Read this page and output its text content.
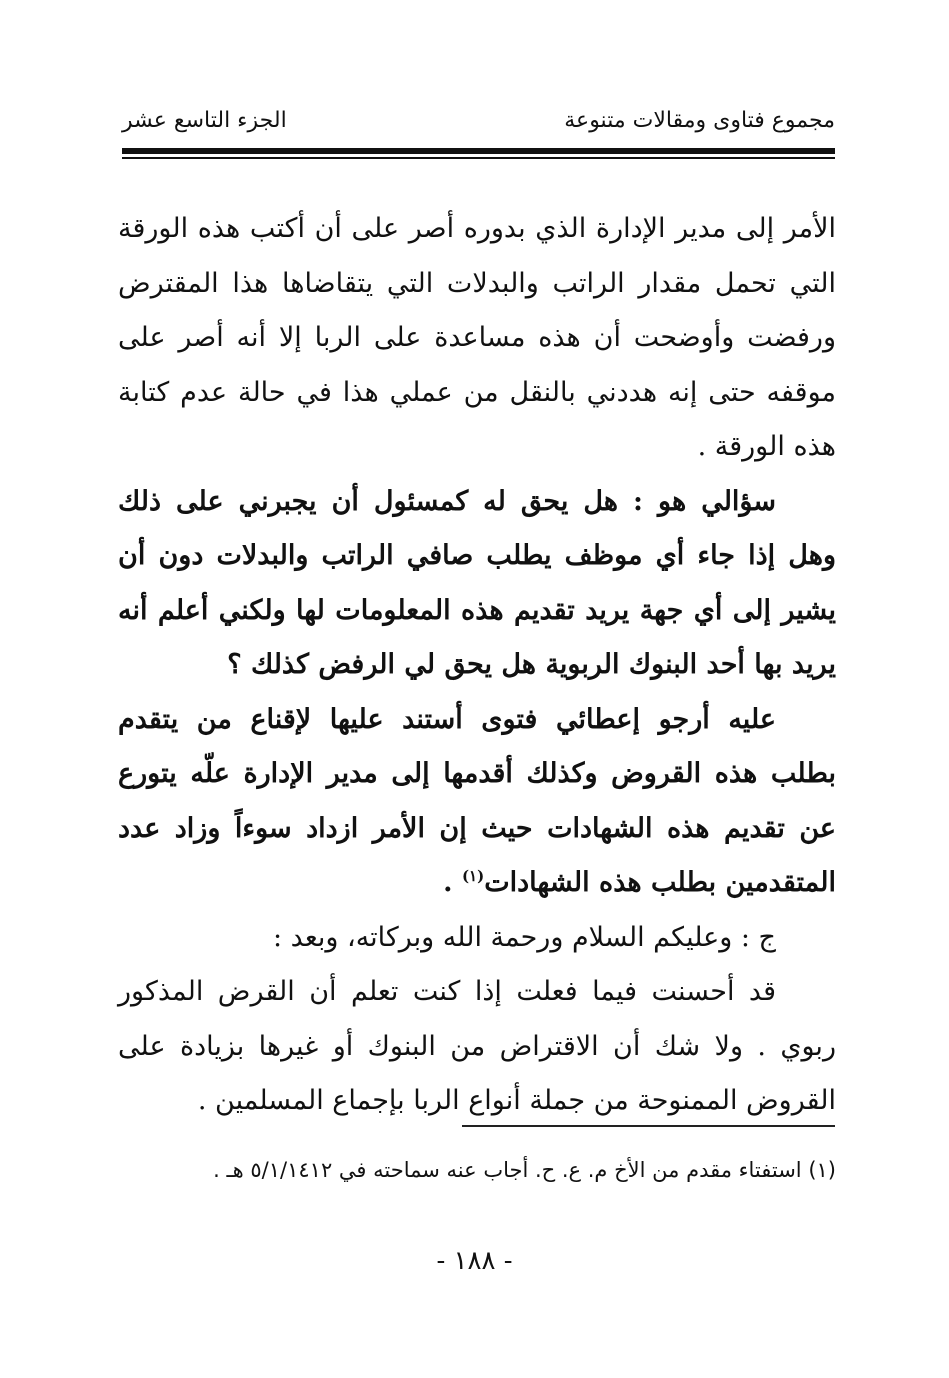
مجموع فتاوى ومقالات متنوعة
الجزء التاسع عشر

الأمر إلى مدير الإدارة الذي بدوره أصر على أن أكتب هذه الورقة التي تحمل مقدار الراتب والبدلات التي يتقاضاها هذا المقترض ورفضت وأوضحت أن هذه مساعدة على الربا إلا أنه أصر على موقفه حتى إنه هددني بالنقل من عملي هذا في حالة عدم كتابة هذه الورقة .

سؤالي هو : هل يحق له كمسئول أن يجبرني على ذلك وهل إذا جاء أي موظف يطلب صافي الراتب والبدلات دون أن يشير إلى أي جهة يريد تقديم هذه المعلومات لها ولكني أعلم أنه يريد بها أحد البنوك الربوية هل يحق لي الرفض كذلك ؟

عليه أرجو إعطائي فتوى أستند عليها لإقناع من يتقدم بطلب هذه القروض وكذلك أقدمها إلى مدير الإدارة علّه يتورع عن تقديم هذه الشهادات حيث إن الأمر ازداد سوءاً وزاد عدد المتقدمين بطلب هذه الشهادات$^{(١)}$ .

ج : وعليكم السلام ورحمة الله وبركاته، وبعد :

قد أحسنت فيما فعلت إذا كنت تعلم أن القرض المذكور ربوي . ولا شك أن الاقتراض من البنوك أو غيرها بزيادة على القروض الممنوحة من جملة أنواع الربا بإجماع المسلمين .

(١) استفتاء مقدم من الأخ م. ع. ح. أجاب عنه سماحته في ٥/١/١٤١٢ هـ .

- ١٨٨ -
